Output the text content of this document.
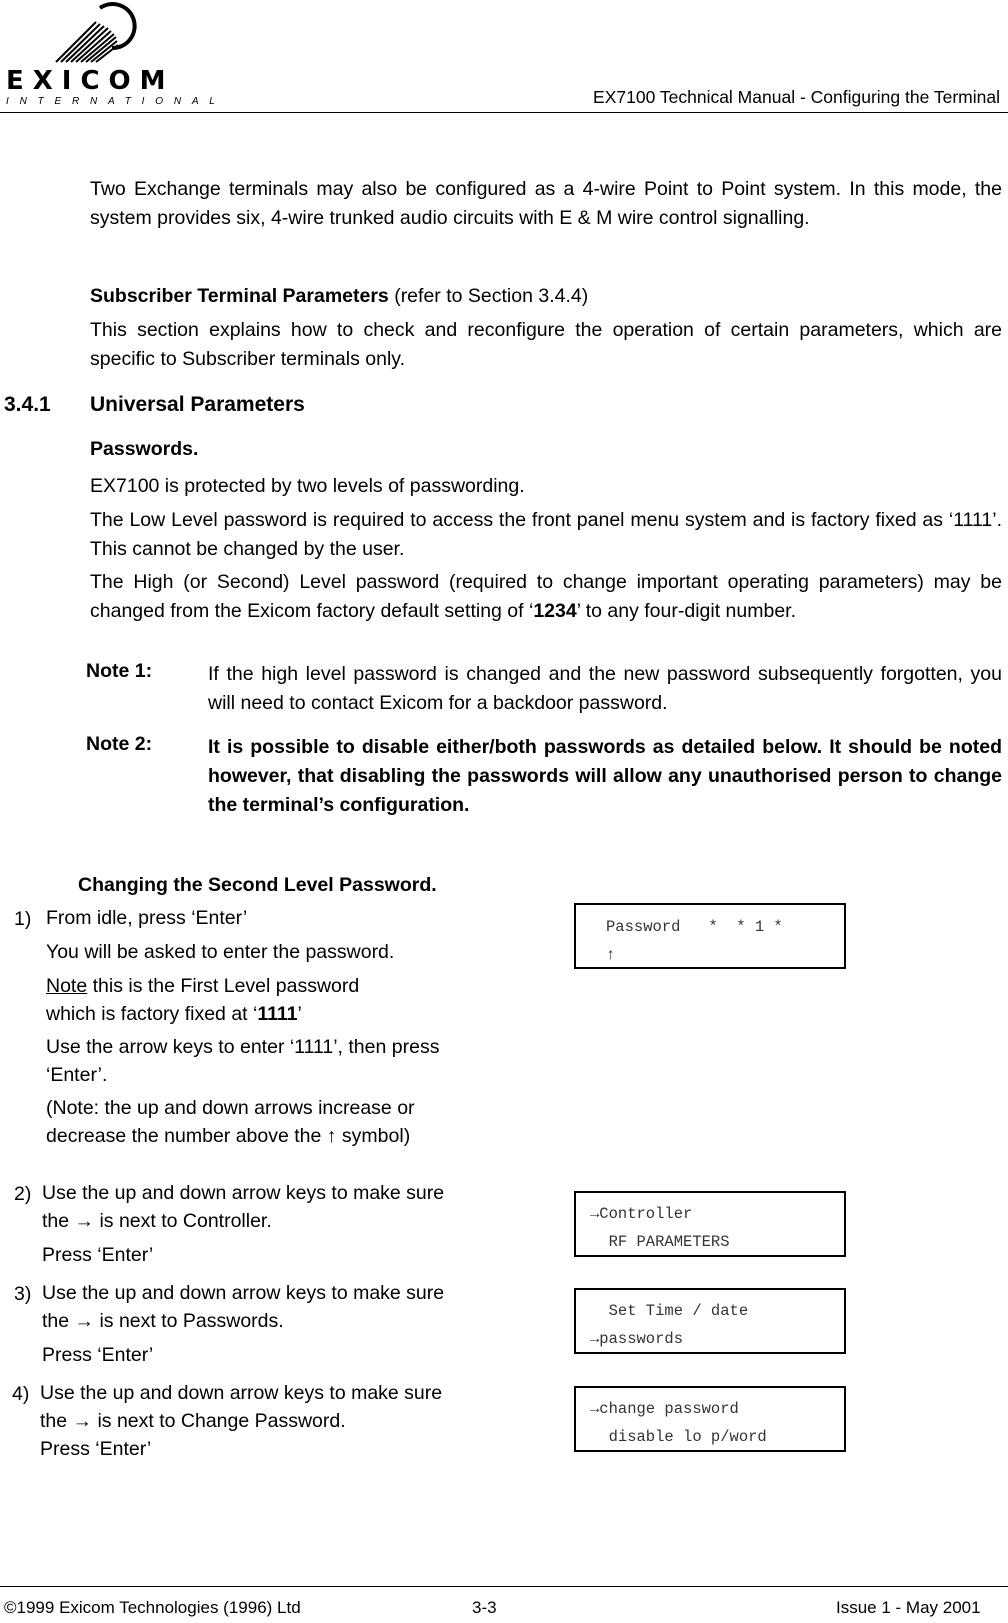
EXICOM
INTERNATIONAL	EX7100 Technical Manual - Configuring the Terminal

Two Exchange terminals may also be configured as a 4-wire Point to Point system. In this mode, the system provides six, 4-wire trunked audio circuits with E & M wire control signalling.

Subscriber Terminal Parameters (refer to Section 3.4.4)

This section explains how to check and reconfigure the operation of certain parameters, which are specific to Subscriber terminals only.

3.4.1 Universal Parameters
Passwords.

EX7100 is protected by two levels of passwording.

The Low Level password is required to access the front panel menu system and is factory fixed as ‘1111’. This cannot be changed by the user.

The High (or Second) Level password (required to change important operating parameters) may be changed from the Exicom factory default setting of ‘1234’ to any four-digit number.

Note 1:	If the high level password is changed and the new password subsequently forgotten, you will need to contact Exicom for a backdoor password.
Note 2:	It is possible to disable either/both passwords as detailed below. It should be noted however, that disabling the passwords will allow any unauthorised person to change the terminal’s configuration.
Changing the Second Level Password.
1) From idle, press ‘Enter’
You will be asked to enter the password.
Note this is the First Level password
which is factory fixed at ‘1111’
Use the arrow keys to enter ‘1111’, then press ‘Enter’.
(Note: the up and down arrows increase or decrease the number above the ↑ symbol)
2) Use the up and down arrow keys to make sure the → is next to Controller.
Press ‘Enter’
3) Use the up and down arrow keys to make sure the → is next to Passwords.
Press ‘Enter’
4) Use the up and down arrow keys to make sure the → is next to Change Password.
Press ‘Enter’
Password   *  * 1 *
↑
→Controller
RF PARAMETERS
Set Time / date
→passwords
→change password
disable lo p/word
©1999 Exicom Technologies (1996) Ltd	3-3	Issue 1 - May 2001
